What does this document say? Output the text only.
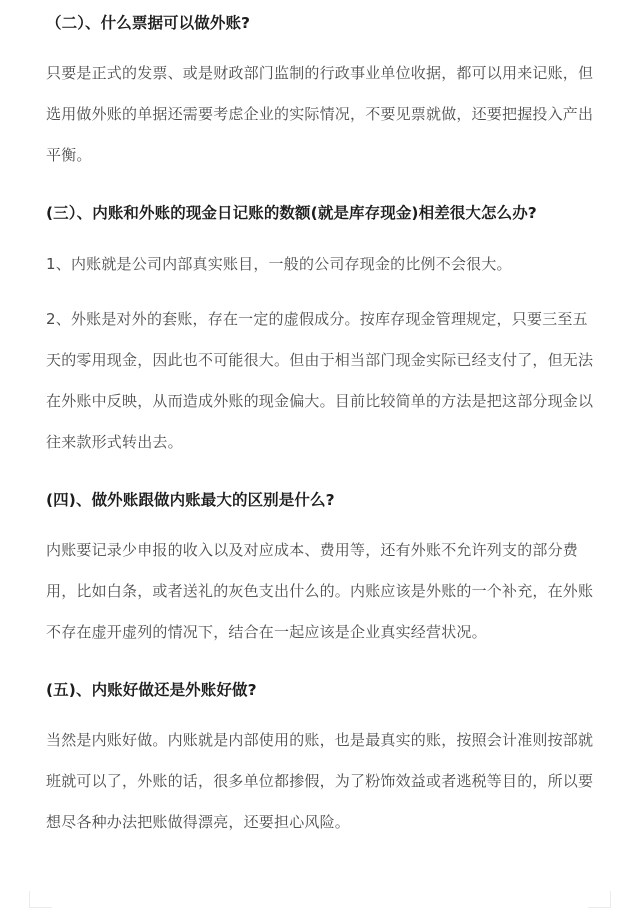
（二）、什么票据可以做外账?

只要是正式的发票、或是财政部门监制的行政事业单位收据，都可以用来记账，但选用做外账的单据还需要考虑企业的实际情况，不要见票就做，还要把握投入产出平衡。

(三）、内账和外账的现金日记账的数额(就是库存现金)相差很大怎么办?

1、内账就是公司内部真实账目，一般的公司存现金的比例不会很大。

2、外账是对外的套账，存在一定的虚假成分。按库存现金管理规定，只要三至五天的零用现金，因此也不可能很大。但由于相当部门现金实际已经支付了，但无法在外账中反映，从而造成外账的现金偏大。目前比较简单的方法是把这部分现金以往来款形式转出去。

(四)、做外账跟做内账最大的区别是什么?

内账要记录少申报的收入以及对应成本、费用等，还有外账不允许列支的部分费用，比如白条，或者送礼的灰色支出什么的。内账应该是外账的一个补充，在外账不存在虚开虚列的情况下，结合在一起应该是企业真实经营状况。

(五)、内账好做还是外账好做?

当然是内账好做。内账就是内部使用的账，也是最真实的账，按照会计准则按部就班就可以了，外账的话，很多单位都掺假，为了粉饰效益或者逃税等目的，所以要想尽各种办法把账做得漂亮，还要担心风险。
